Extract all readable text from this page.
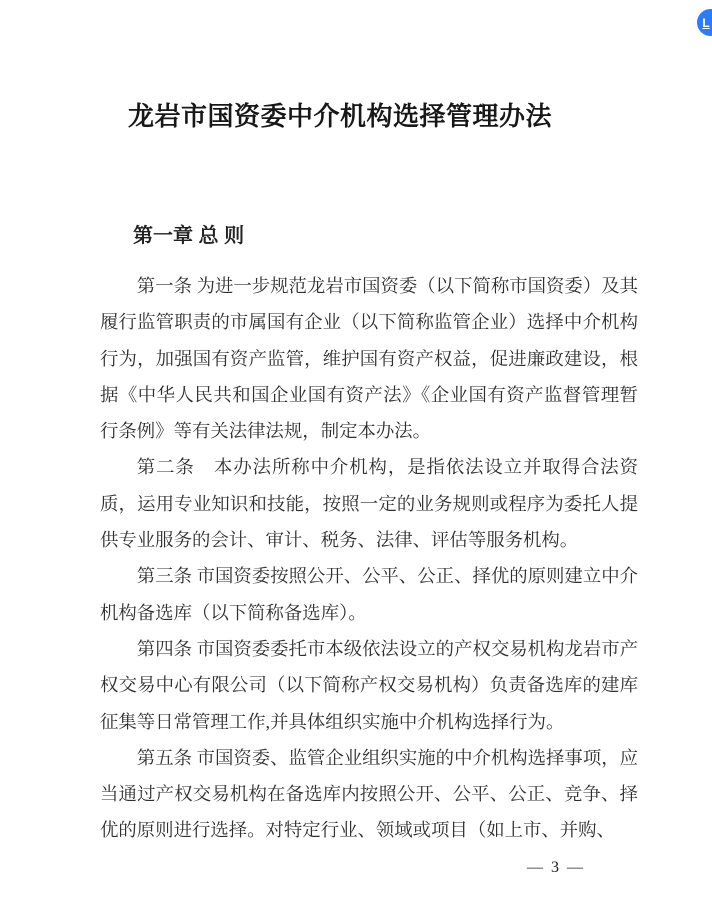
L
龙岩市国资委中介机构选择管理办法
第一章 总 则

第一条 为进一步规范龙岩市国资委（以下简称市国资委）及其履行监管职责的市属国有企业（以下简称监管企业）选择中介机构行为，加强国有资产监管，维护国有资产权益，促进廉政建设，根据《中华人民共和国企业国有资产法》《企业国有资产监督管理暂行条例》等有关法律法规，制定本办法。

第二条　本办法所称中介机构，是指依法设立并取得合法资质，运用专业知识和技能，按照一定的业务规则或程序为委托人提供专业服务的会计、审计、税务、法律、评估等服务机构。

第三条 市国资委按照公开、公平、公正、择优的原则建立中介机构备选库（以下简称备选库）。

第四条 市国资委委托市本级依法设立的产权交易机构龙岩市产权交易中心有限公司（以下简称产权交易机构）负责备选库的建库征集等日常管理工作,并具体组织实施中介机构选择行为。

第五条 市国资委、监管企业组织实施的中介机构选择事项，应当通过产权交易机构在备选库内按照公开、公平、公正、竞争、择优的原则进行选择。对特定行业、领域或项目（如上市、并购、

— 3 —
